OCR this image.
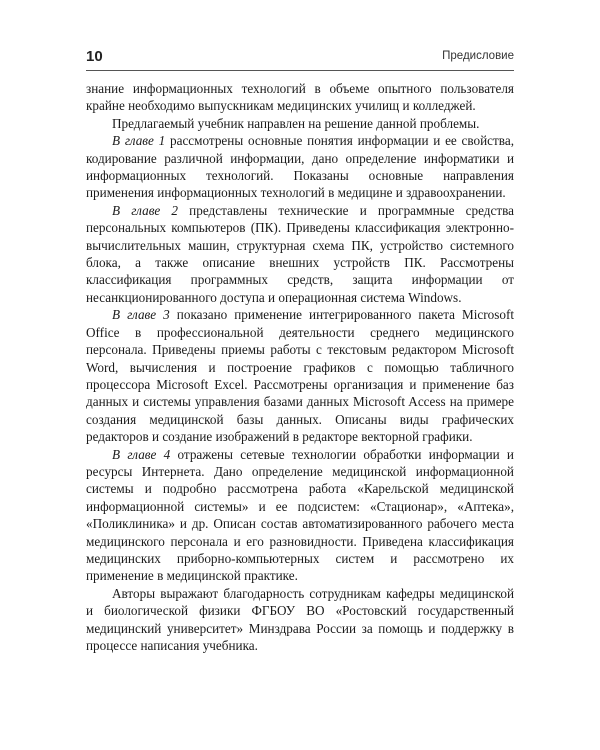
10	Предисловие

знание информационных технологий в объеме опытного пользователя крайне необходимо выпускникам медицинских училищ и колледжей.

Предлагаемый учебник направлен на решение данной проблемы.

В главе 1 рассмотрены основные понятия информации и ее свойства, кодирование различной информации, дано определение информатики и информационных технологий. Показаны основные направления применения информационных технологий в медицине и здравоохранении.

В главе 2 представлены технические и программные средства персональных компьютеров (ПК). Приведены классификация электронно-вычислительных машин, структурная схема ПК, устройство системного блока, а также описание внешних устройств ПК. Рассмотрены классификация программных средств, защита информации от несанкционированного доступа и операционная система Windows.

В главе 3 показано применение интегрированного пакета Microsoft Office в профессиональной деятельности среднего медицинского персонала. Приведены приемы работы с текстовым редактором Microsoft Word, вычисления и построение графиков с помощью табличного процессора Microsoft Excel. Рассмотрены организация и применение баз данных и системы управления базами данных Microsoft Access на примере создания медицинской базы данных. Описаны виды графических редакторов и создание изображений в редакторе векторной графики.

В главе 4 отражены сетевые технологии обработки информации и ресурсы Интернета. Дано определение медицинской информационной системы и подробно рассмотрена работа «Карельской медицинской информационной системы» и ее подсистем: «Стационар», «Аптека», «Поликлиника» и др. Описан состав автоматизированного рабочего места медицинского персонала и его разновидности. Приведена классификация медицинских приборно-компьютерных систем и рассмотрено их применение в медицинской практике.

Авторы выражают благодарность сотрудникам кафедры медицинской и биологической физики ФГБОУ ВО «Ростовский государственный медицинский университет» Минздрава России за помощь и поддержку в процессе написания учебника.
